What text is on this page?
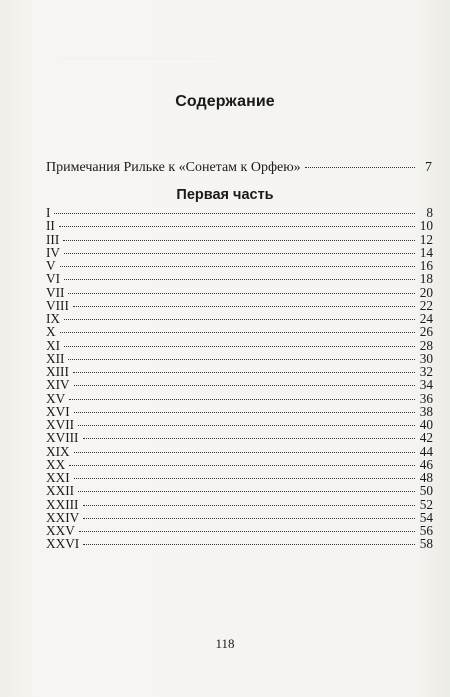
Содержание
Примечания Рильке к «Сонетам к Орфею»	7
Первая часть
I	8
II	10
III	12
IV	14
V	16
VI	18
VII	20
VIII	22
IX	24
X	26
XI	28
XII	30
XIII	32
XIV	34
XV	36
XVI	38
XVII	40
XVIII	42
XIX	44
XX	46
XXI	48
XXII	50
XXIII	52
XXIV	54
XXV	56
XXVI	58
118
